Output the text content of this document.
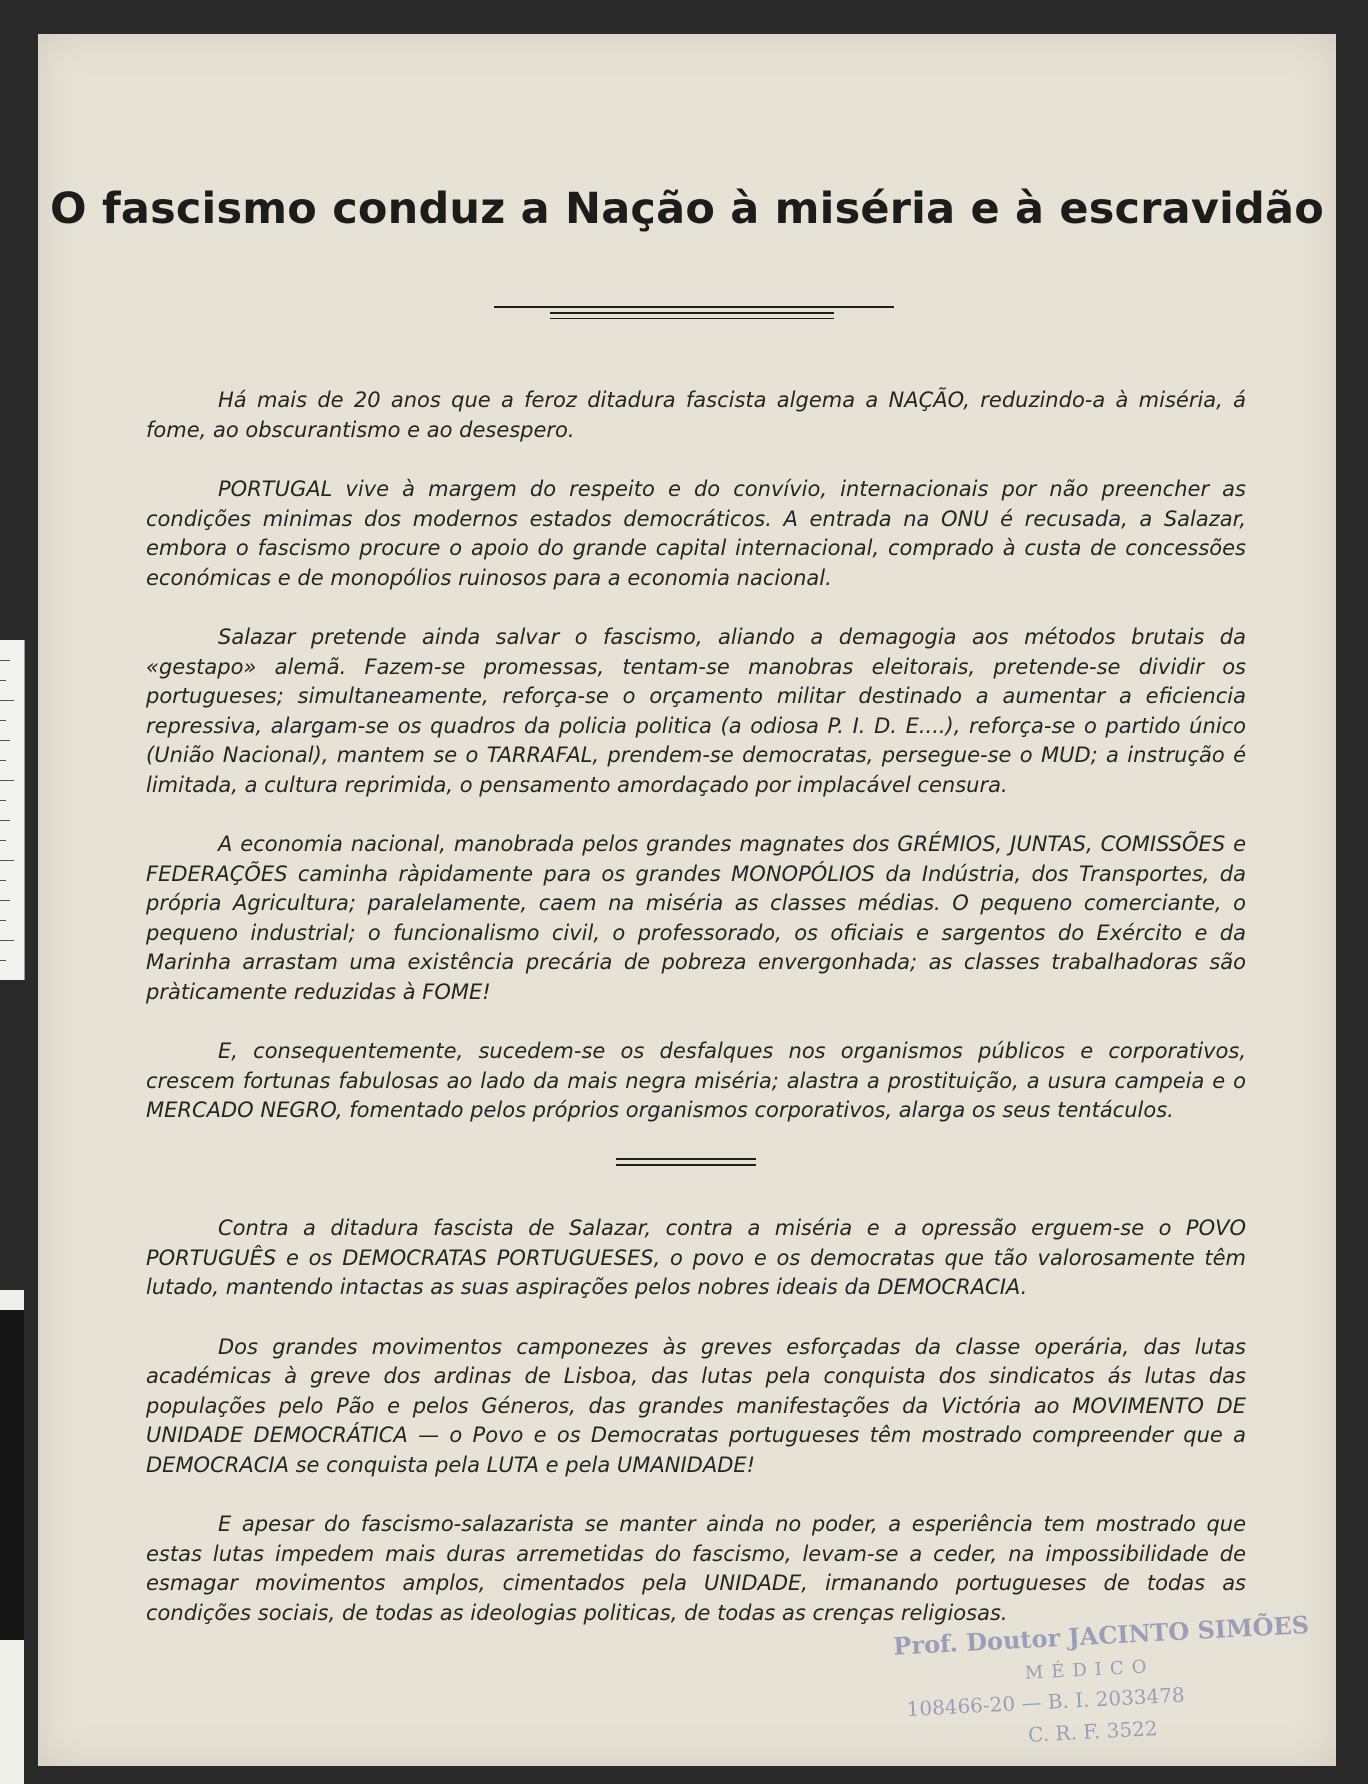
O fascismo conduz a Nação à miséria e à escravidão

Há mais de 20 anos que a feroz ditadura fascista algema a NAÇÃO, reduzindo-a à miséria, á fome, ao obscurantismo e ao desespero.

PORTUGAL vive à margem do respeito e do convívio, internacionais por não preencher as condições minimas dos modernos estados democráticos. A entrada na ONU é recusada, a Salazar, embora o fascismo procure o apoio do grande capital internacional, comprado à custa de concessões económicas e de monopólios ruinosos para a economia nacional.

Salazar pretende ainda salvar o fascismo, aliando a demagogia aos métodos brutais da «gestapo» alemã. Fazem-se promessas, tentam-se manobras eleitorais, pretende-se dividir os portugueses; simultaneamente, reforça-se o orçamento militar destinado a aumentar a eficiencia repressiva, alargam-se os quadros da policia politica (a odiosa P. I. D. E....), reforça-se o partido único (União Nacional), mantem se o TARRAFAL, prendem-se democratas, persegue-se o MUD; a instrução é limitada, a cultura reprimida, o pensamento amordaçado por implacável censura.

A economia nacional, manobrada pelos grandes magnates dos GRÉMIOS, JUNTAS, COMISSÕES e FEDERAÇÕES caminha ràpidamente para os grandes MONOPÓLIOS da Indústria, dos Transportes, da própria Agricultura; paralelamente, caem na miséria as classes médias. O pequeno comerciante, o pequeno industrial; o funcionalismo civil, o professorado, os oficiais e sargentos do Exército e da Marinha arrastam uma existência precária de pobreza envergonhada; as classes trabalhadoras são pràticamente reduzidas à FOME!

E, consequentemente, sucedem-se os desfalques nos organismos públicos e corporativos, crescem fortunas fabulosas ao lado da mais negra miséria; alastra a prostituição, a usura campeia e o MERCADO NEGRO, fomentado pelos próprios organismos corporativos, alarga os seus tentáculos.

Contra a ditadura fascista de Salazar, contra a miséria e a opressão erguem-se o POVO PORTUGUÊS e os DEMOCRATAS PORTUGUESES, o povo e os democratas que tão valorosamente têm lutado, mantendo intactas as suas aspirações pelos nobres ideais da DEMOCRACIA.

Dos grandes movimentos camponezes às greves esforçadas da classe operária, das lutas académicas à greve dos ardinas de Lisboa, das lutas pela conquista dos sindicatos ás lutas das populações pelo Pão e pelos Géneros, das grandes manifestações da Victória ao MOVIMENTO DE UNIDADE DEMOCRÁTICA — o Povo e os Democratas portugueses têm mostrado compreender que a DEMOCRACIA se conquista pela LUTA e pela UMANIDADE!

E apesar do fascismo-salazarista se manter ainda no poder, a esperiência tem mostrado que estas lutas impedem mais duras arremetidas do fascismo, levam-se a ceder, na impossibilidade de esmagar movimentos amplos, cimentados pela UNIDADE, irmanando portugueses de todas as condições sociais, de todas as ideologias politicas, de todas as crenças religiosas.

Prof. Doutor JACINTO SIMÕES
MÉDICO
108466-20 — B. I. 2033478
C. R. F. 3522
